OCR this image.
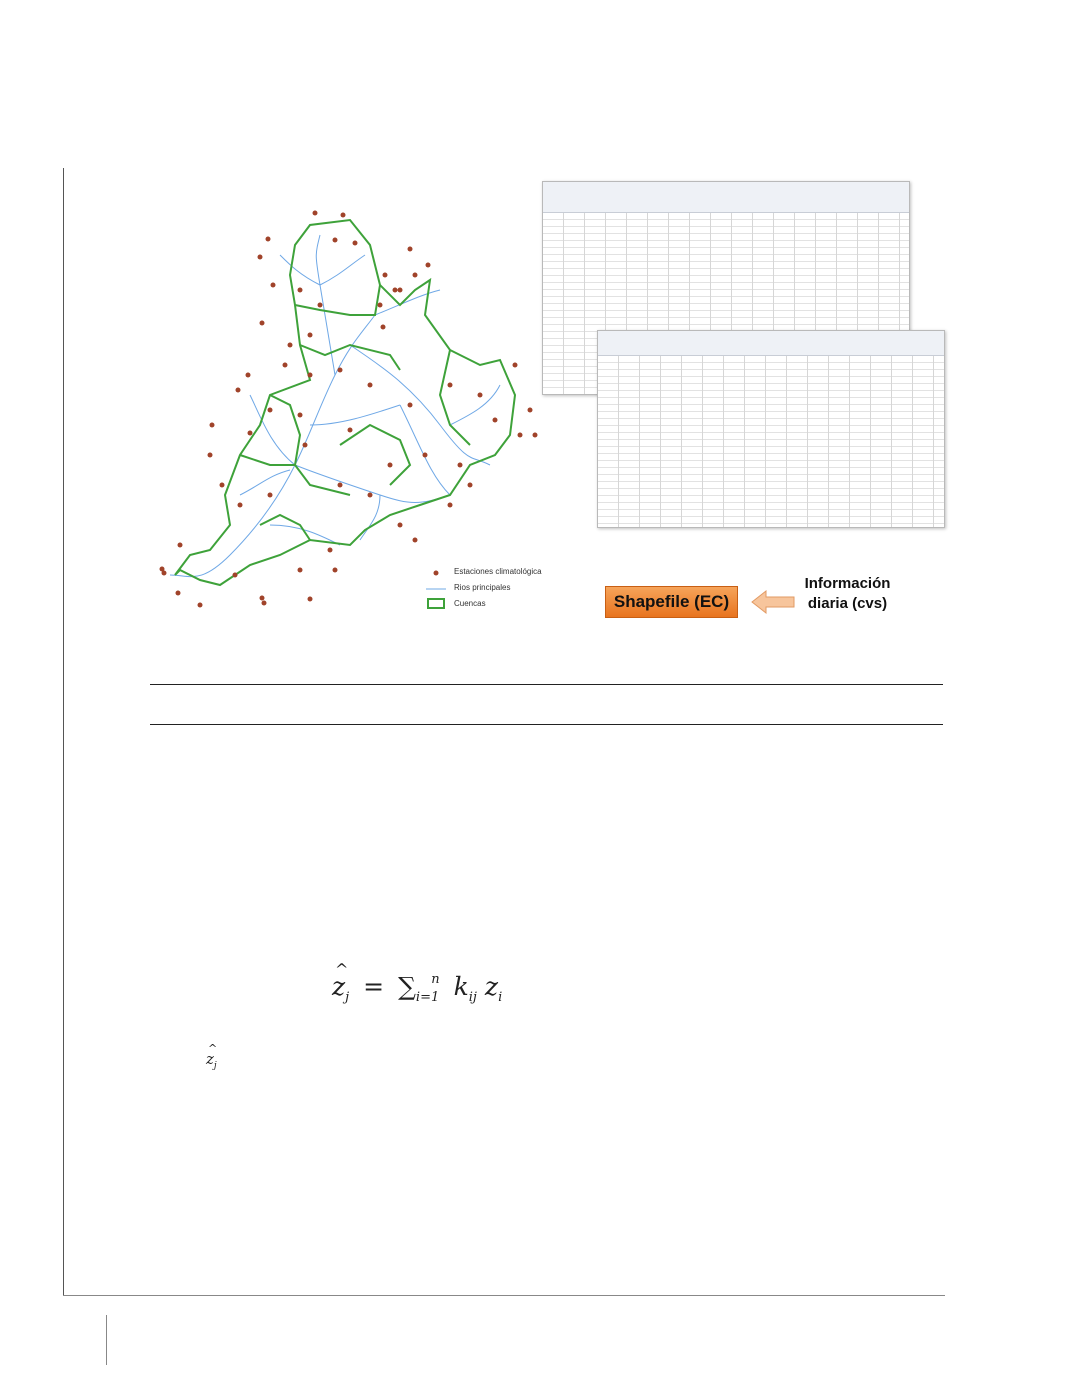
Estaciones climatológica
Rios principales
Cuencas	Shapefile (EC)
Información
diaria (cvs)
^ $z_j = \sum_{i=1}^n$ $k_{ij}$ $z_i$
^ $z_j$
